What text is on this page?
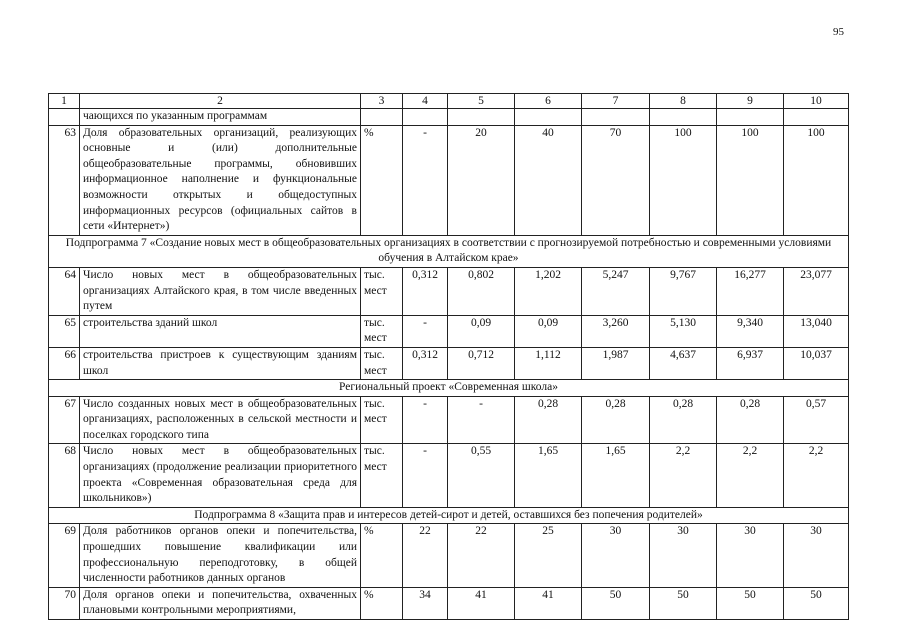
95
1	2	3	4	5	6	7	8	9	10
	чающихся по указанным программам								
63	Доля образовательных организаций, реализующих основные и (или) дополнительные общеобразовательные программы, обновивших информационное наполнение и функциональные возможности открытых и общедоступных информационных ресурсов (официальных сайтов в сети «Интернет»)	%	-	20	40	70	100	100	100
Подпрограмма 7 «Создание новых мест в общеобразовательных организациях в соответствии с прогнозируемой потребностью и современными условиями обучения в Алтайском крае»									
64	Число новых мест в общеобразовательных организациях Алтайского края, в том числе введенных путем	тыс. мест	0,312	0,802	1,202	5,247	9,767	16,277	23,077
65	строительства зданий школ	тыс. мест	-	0,09	0,09	3,260	5,130	9,340	13,040
66	строительства пристроев к существующим зданиям школ	тыс. мест	0,312	0,712	1,112	1,987	4,637	6,937	10,037
Региональный проект «Современная школа»									
67	Число созданных новых мест в общеобразовательных организациях, расположенных в сельской местности и поселках городского типа	тыс. мест	-	-	0,28	0,28	0,28	0,28	0,57
68	Число новых мест в общеобразовательных организациях (продолжение реализации приоритетного проекта «Современная образовательная среда для школьников»)	тыс. мест	-	0,55	1,65	1,65	2,2	2,2	2,2
Подпрограмма 8 «Защита прав и интересов детей-сирот и детей, оставшихся без попечения родителей»									
69	Доля работников органов опеки и попечительства, прошедших повышение квалификации или профессиональную переподготовку, в общей численности работников данных органов	%	22	22	25	30	30	30	30
70	Доля органов опеки и попечительства, охваченных плановыми контрольными мероприятиями,	%	34	41	41	50	50	50	50
